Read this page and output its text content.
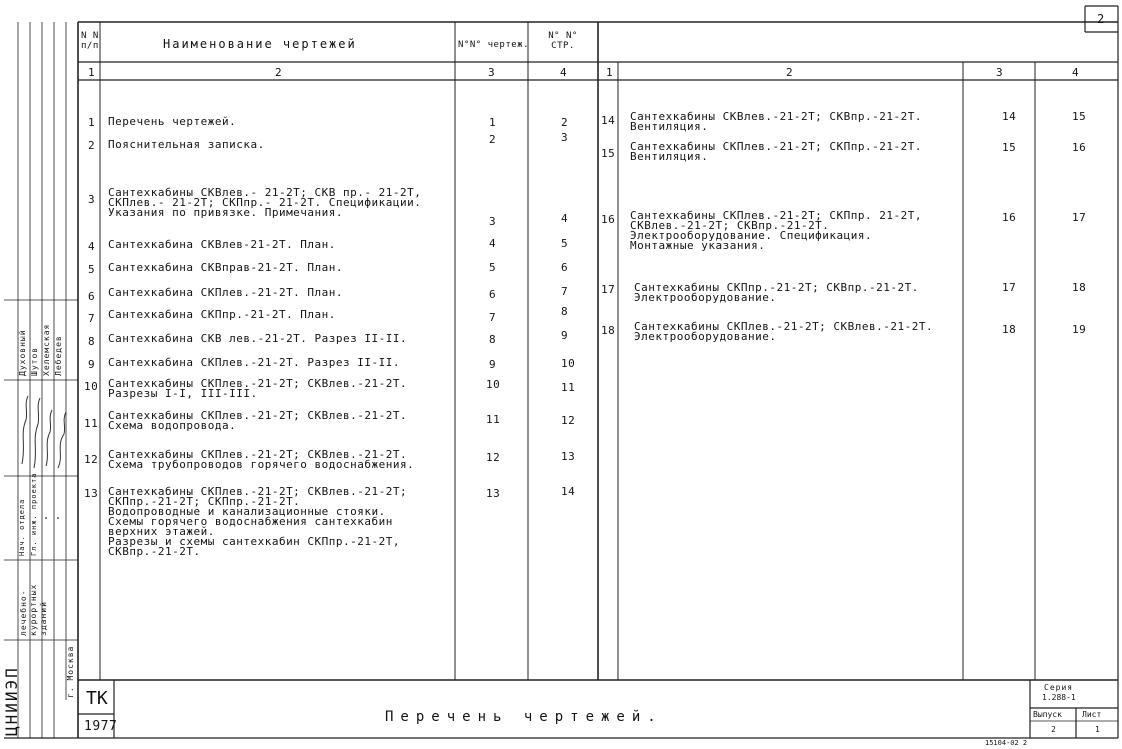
2
N N
п/п	Наименование чертежей	N°N° чертеж.
N° N°
СТР.
1	2	3	4	1	2	3	4
1 Перечень чертежей.	1	2
2 Пояснительная записка.	2	3
3
Сантехкабины СКВлев.- 21-2Т; СКВ пр.- 21-2Т,
СКПлев.- 21-2Т; СКПпр.- 21-2Т. Спецификации.
Указания по привязке. Примечания.
3	4
4 Сантехкабина СКВлев-21-2Т. План.	4	5
5 Сантехкабина СКВправ-21-2Т. План.	5	6
6 Сантехкабина СКПлев.-21-2Т. План.	6	7
7 Сантехкабина СКПпр.-21-2Т. План.	7	8
8 Сантехкабина СКВ лев.-21-2Т. Разрез II-II.	8	9
9 Сантехкабина СКПлев.-21-2Т. Разрез II-II.	9	10
10 Сантехкабины СКПлев.-21-2Т; СКВлев.-21-2Т.
Разрезы I-I, III-III.
10	11
11
Сантехкабины СКПлев.-21-2Т; СКВлев.-21-2Т.
Схема водопровода.	11	12
12 Сантехкабины СКПлев.-21-2Т; СКВлев.-21-2Т.
Схема трубопроводов горячего водоснабжения.
12	13
13 Сантехкабины СКПлев.-21-2Т; СКВлев.-21-2Т;
СКПпр.-21-2Т; СКПпр.-21-2Т.
Водопроводные и канализационные стояки.
Схемы горячего водоснабжения сантехкабин
верхних этажей.
Разрезы и схемы сантехкабин СКПпр.-21-2Т,
СКВпр.-21-2Т.
13	14
14 Сантехкабины СКВлев.-21-2Т; СКВпр.-21-2Т.
Вентиляция.
14	15
15
Сантехкабины СКПлев.-21-2Т; СКПпр.-21-2Т.
Вентиляция.
15	16
16 Сантехкабины СКПлев.-21-2Т; СКПпр. 21-2Т,
СКВлев.-21-2Т; СКВпр.-21-2Т.
Электрооборудование. Спецификация.
Монтажные указания.
16	17
17 Сантехкабины СКПпр.-21-2Т; СКВпр.-21-2Т.
Электрооборудование.
17	18
18 Сантехкабины СКПлев.-21-2Т; СКВлев.-21-2Т.
Электрооборудование.
18	19
ТК
1977
Перечень чертежей.
Серия
1.288-1
Выпуск
2
Лист
1
15104-02 2
ЦНИИЭП
лечебно-курортных зданий
г. Москва
Нач. отдела Гл. инж. проекта " "
Духовный Шутов Хелемская Лебедев
